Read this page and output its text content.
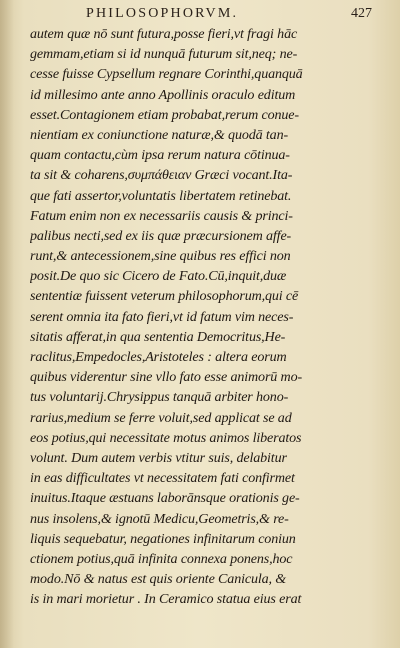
PHILOSOPHORVM.	427
autem quæ nō sunt futura,posse fieri,vt fragi hāc
gemmam,etiam si id nunquā futurum sit,neq; ne-
cesse fuisse Cypsellum regnare Corinthi,quanquā
id millesimo ante anno Apollinis oraculo editum
esset.Contagionem etiam probabat,rerum conue-
nientiam ex coniunctione naturæ,& quodā tan-
quam contactu,cùm ipsa rerum natura cōtinua-
ta sit & coharens,συμπάθειαν Græci vocant.Ita-
que fati assertor,voluntatis libertatem retinebat.
Fatum enim non ex necessariis causis & princi-
palibus necti,sed ex iis quæ præcursionem affe-
runt,& antecessionem,sine quibus res effici non
posit.De quo sic Cicero de Fato.Cū,inquit,duæ
sententiæ fuissent veterum philosophorum,qui cē
serent omnia ita fato fieri,vt id fatum vim neces-
sitatis afferat,in qua sententia Democritus,He-
raclitus,Empedocles,Aristoteles : altera eorum
quibus viderentur sine vllo fato esse animorū mo-
tus voluntarij.Chrysippus tanquā arbiter hono-
rarius,medium se ferre voluit,sed applicat se ad
eos potius,qui necessitate motus animos liberatos
volunt. Dum autem verbis vtitur suis, delabitur
in eas difficultates vt necessitatem fati confirmet
inuitus.Itaque æstuans laborānsque orationis ge-
nus insolens,& ignotū Medicu,Geometris,& re-
liquis sequebatur, negationes infinitarum coniun
ctionem potius,quā infinita connexa ponens,hoc
modo.Nō & natus est quis oriente Canicula, &
is in mari morietur . In Ceramico statua eius erat
